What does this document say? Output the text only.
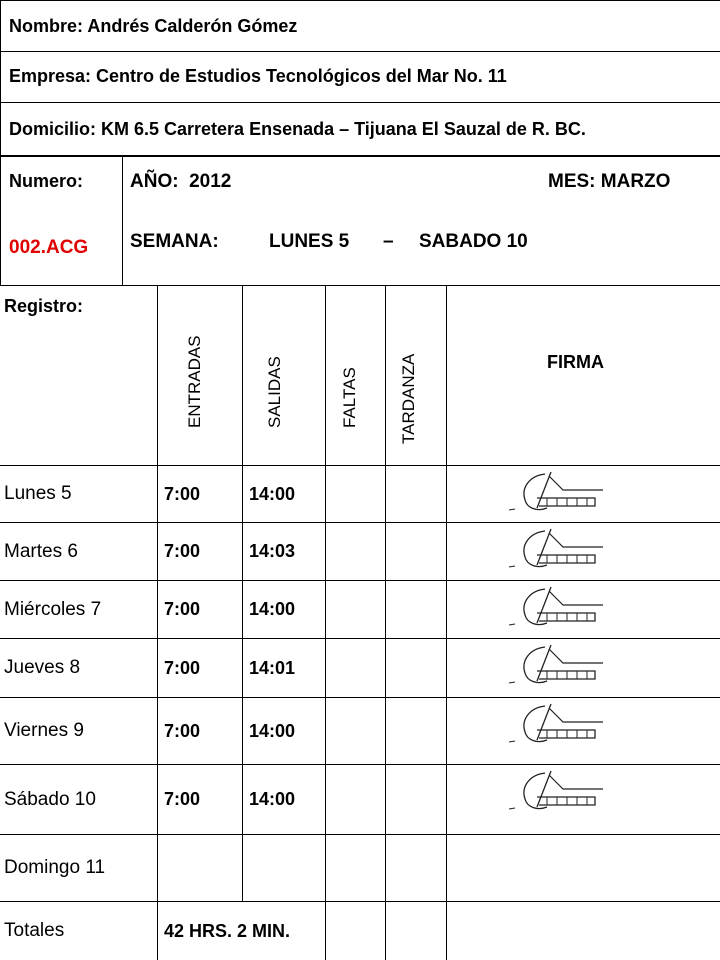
Nombre: Andrés Calderón Gómez
Empresa: Centro de Estudios Tecnológicos del Mar No. 11
Domicilio: KM 6.5 Carretera Ensenada – Tijuana El Sauzal de R. BC.
Numero:
002.ACG
AÑO:  2012	MES: MARZO
SEMANA:	LUNES 5 – SABADO 10
Registro:
ENTRADAS	SALIDAS	FALTAS TARDANZA	FIRMA
Lunes 5	7:00	14:00
Martes 6	7:00	14:03
Miércoles 7	7:00	14:00
Jueves 8	7:00	14:01
Viernes 9	7:00	14:00
Sábado 10	7:00	14:00
Domingo 11
Totales	42 HRS. 2 MIN.
